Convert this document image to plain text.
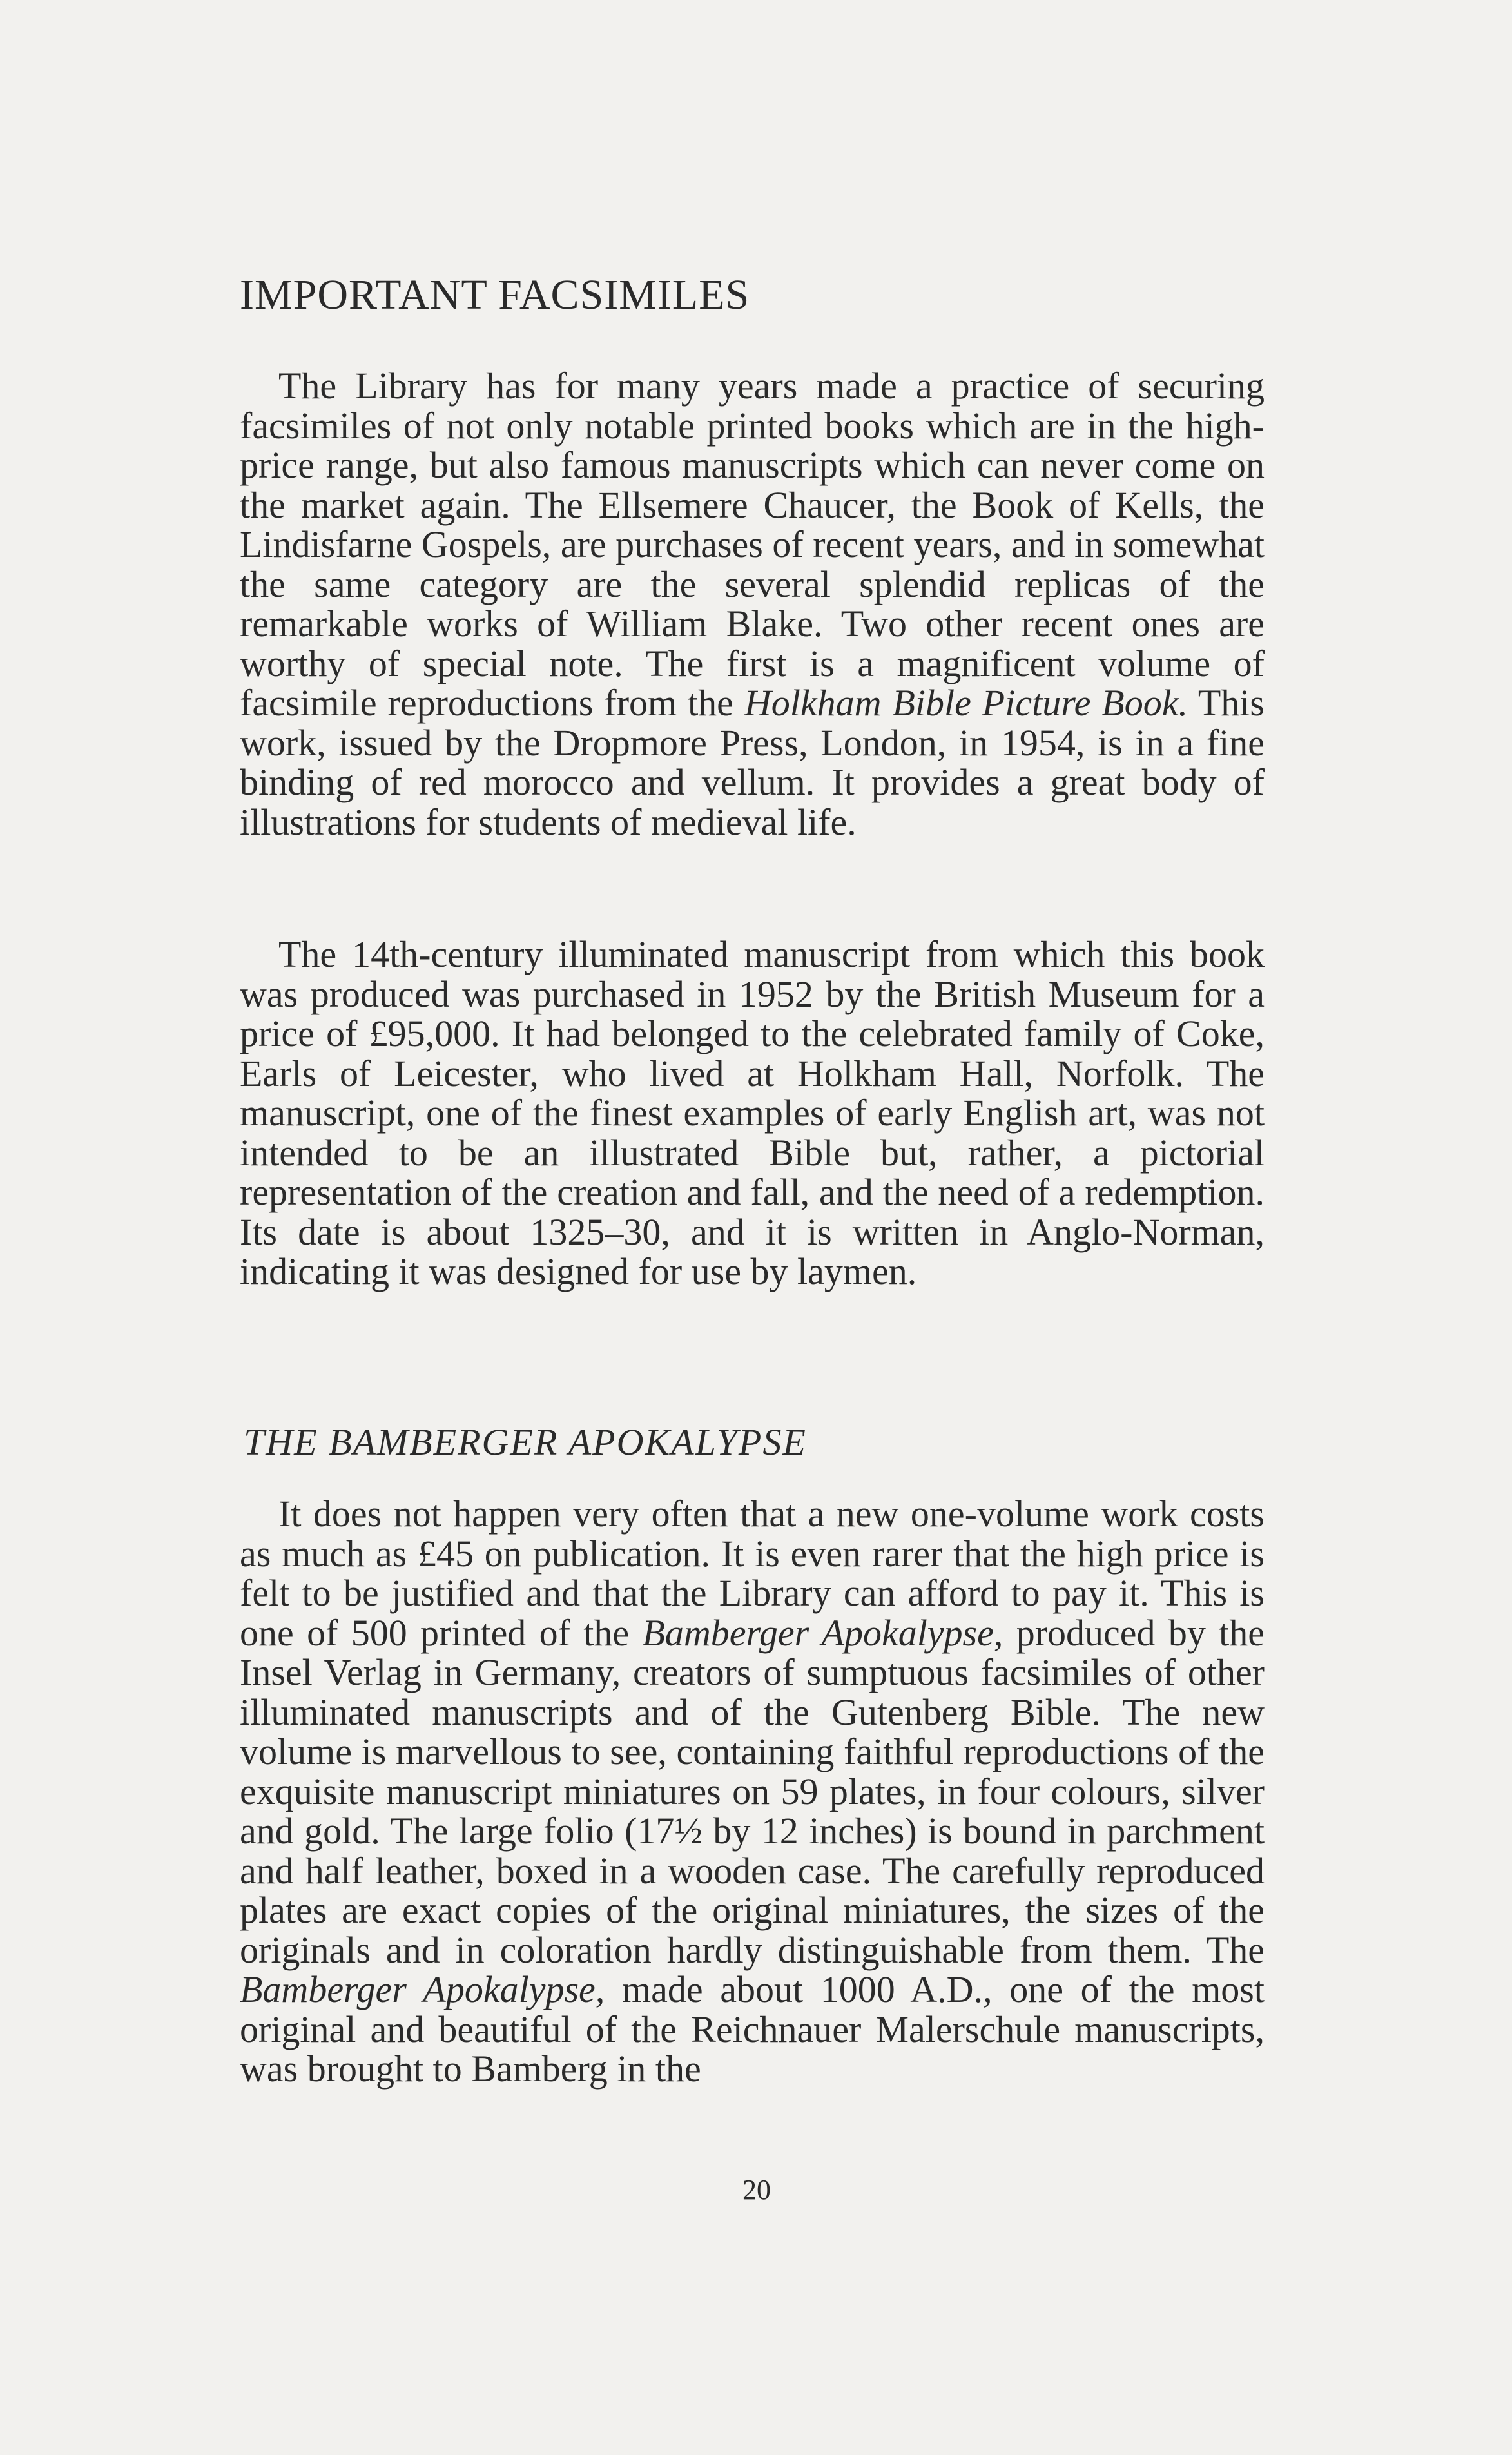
IMPORTANT FACSIMILES

The Library has for many years made a practice of securing facsimiles of not only notable printed books which are in the high-price range, but also famous manuscripts which can never come on the market again. The Ellsemere Chaucer, the Book of Kells, the Lindisfarne Gospels, are purchases of recent years, and in somewhat the same category are the several splendid replicas of the remarkable works of William Blake. Two other recent ones are worthy of special note. The first is a magnificent volume of facsimile reproductions from the Holkham Bible Picture Book. This work, issued by the Dropmore Press, London, in 1954, is in a fine binding of red morocco and vellum. It provides a great body of illustrations for students of medieval life.

The 14th-century illuminated manuscript from which this book was produced was purchased in 1952 by the British Museum for a price of £95,000. It had belonged to the celebrated family of Coke, Earls of Leicester, who lived at Holkham Hall, Norfolk. The manuscript, one of the finest examples of early English art, was not intended to be an illustrated Bible but, rather, a pictorial representation of the creation and fall, and the need of a redemption. Its date is about 1325–30, and it is written in Anglo-Norman, indicating it was designed for use by laymen.

THE BAMBERGER APOKALYPSE

It does not happen very often that a new one-volume work costs as much as £45 on publication. It is even rarer that the high price is felt to be justified and that the Library can afford to pay it. This is one of 500 printed of the Bamberger Apokalypse, produced by the Insel Verlag in Germany, creators of sumptuous facsimiles of other illuminated manuscripts and of the Gutenberg Bible. The new volume is marvellous to see, containing faithful reproductions of the exquisite manuscript miniatures on 59 plates, in four colours, silver and gold. The large folio (17½ by 12 inches) is bound in parchment and half leather, boxed in a wooden case. The carefully reproduced plates are exact copies of the original miniatures, the sizes of the originals and in coloration hardly distinguishable from them. The Bamberger Apokalypse, made about 1000 A.D., one of the most original and beautiful of the Reichnauer Malerschule manuscripts, was brought to Bamberg in the

20
